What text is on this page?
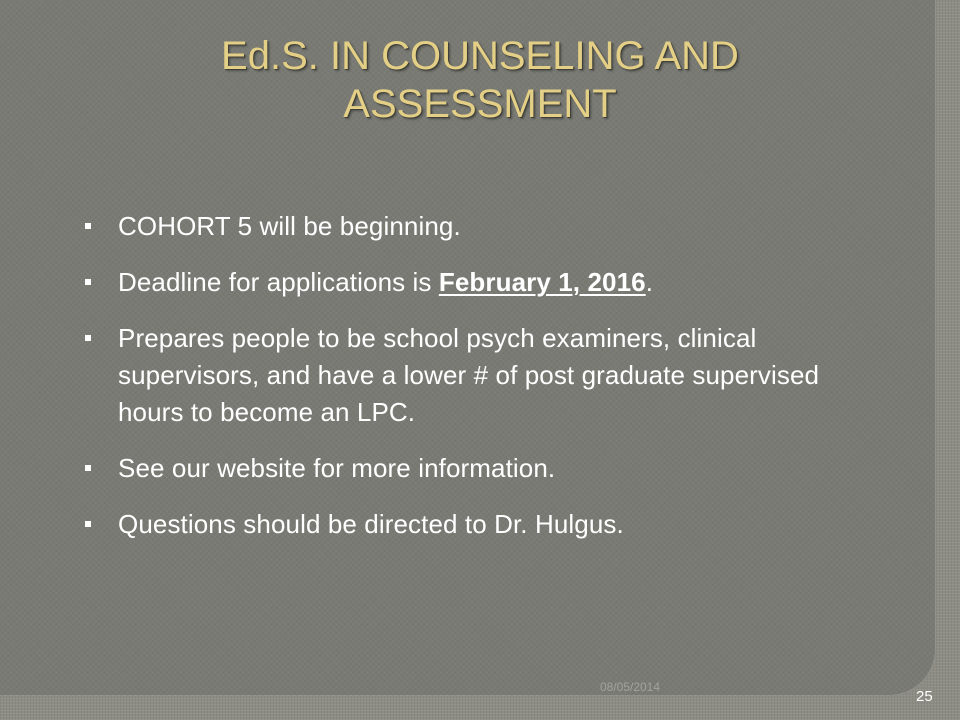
Ed.S. IN COUNSELING AND ASSESSMENT
COHORT 5 will be beginning.
Deadline for applications is February 1, 2016.
Prepares people to be school psych examiners, clinical supervisors, and have a lower # of post graduate supervised hours to become an LPC.
See our website for more information.
Questions should be directed to Dr. Hulgus.
08/05/2014
25
